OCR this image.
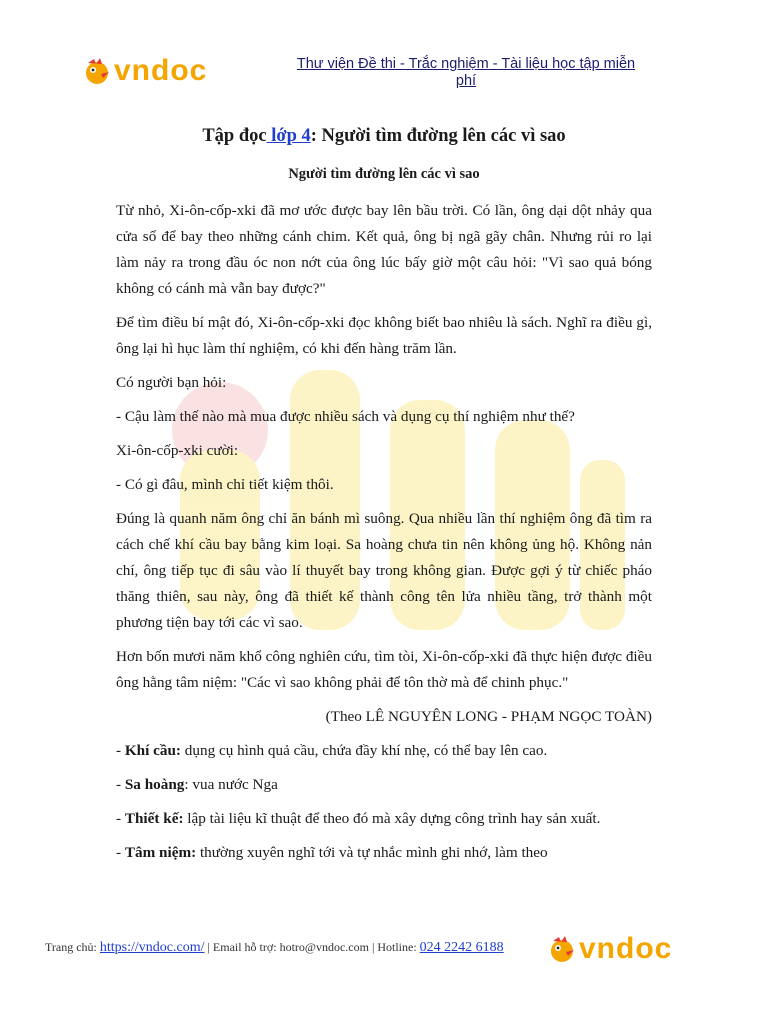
vndoc	Thư viện Đề thi - Trắc nghiệm - Tài liệu học tập miễn
phí
Tập đọc lớp 4: Người tìm đường lên các vì sao
Người tìm đường lên các vì sao

Từ nhỏ, Xi-ôn-cốp-xki đã mơ ước được bay lên bầu trời. Có lần, ông dại dột nhảy qua cửa sổ để bay theo những cánh chim. Kết quả, ông bị ngã gãy chân. Nhưng rủi ro lại làm nảy ra trong đầu óc non nớt của ông lúc bấy giờ một câu hỏi: "Vì sao quả bóng không có cánh mà vẫn bay được?"

Để tìm điều bí mật đó, Xi-ôn-cốp-xki đọc không biết bao nhiêu là sách. Nghĩ ra điều gì, ông lại hì hục làm thí nghiệm, có khi đến hàng trăm lần.

Có người bạn hỏi:

- Cậu làm thế nào mà mua được nhiều sách và dụng cụ thí nghiệm như thế?

Xi-ôn-cốp-xki cười:

- Có gì đâu, mình chỉ tiết kiệm thôi.

Đúng là quanh năm ông chỉ ăn bánh mì suông. Qua nhiều lần thí nghiệm ông đã tìm ra cách chế khí cầu bay bằng kim loại. Sa hoàng chưa tin nên không ủng hộ. Không nản chí, ông tiếp tục đi sâu vào lí thuyết bay trong không gian. Được gợi ý từ chiếc pháo thăng thiên, sau này, ông đã thiết kế thành công tên lửa nhiều tầng, trở thành một phương tiện bay tới các vì sao.

Hơn bốn mươi năm khổ công nghiên cứu, tìm tòi, Xi-ôn-cốp-xki đã thực hiện được điều ông hằng tâm niệm: "Các vì sao không phải để tôn thờ mà để chinh phục."

(Theo LÊ NGUYÊN LONG - PHẠM NGỌC TOÀN)

- Khí cầu: dụng cụ hình quả cầu, chứa đầy khí nhẹ, có thể bay lên cao.

- Sa hoàng: vua nước Nga

- Thiết kế: lập tài liệu kĩ thuật để theo đó mà xây dựng công trình hay sản xuất.

- Tâm niệm: thường xuyên nghĩ tới và tự nhắc mình ghi nhớ, làm theo

Trang chủ: https://vndoc.com/ | Email hỗ trợ: hotro@vndoc.com | Hotline: 024 2242 6188	vndoc
